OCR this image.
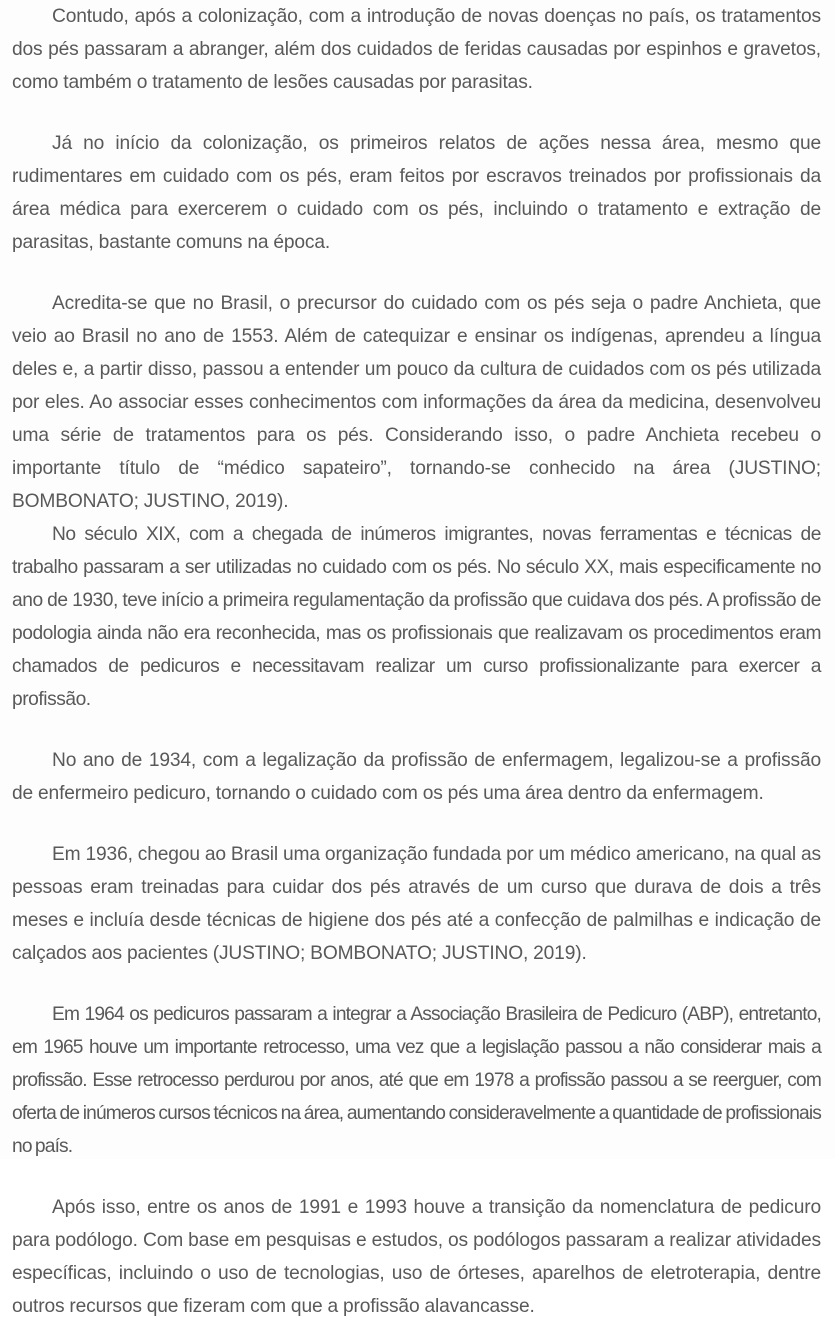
Contudo, após a colonização, com a introdução de novas doenças no país, os tratamentos dos pés passaram a abranger, além dos cuidados de feridas causadas por espinhos e gravetos, como também o tratamento de lesões causadas por parasitas.

Já no início da colonização, os primeiros relatos de ações nessa área, mesmo que rudimentares em cuidado com os pés, eram feitos por escravos treinados por profissionais da área médica para exercerem o cuidado com os pés, incluindo o tratamento e extração de parasitas, bastante comuns na época.

Acredita-se que no Brasil, o precursor do cuidado com os pés seja o padre Anchieta, que veio ao Brasil no ano de 1553. Além de catequizar e ensinar os indígenas, aprendeu a língua deles e, a partir disso, passou a entender um pouco da cultura de cuidados com os pés utilizada por eles. Ao associar esses conhecimentos com informações da área da medicina, desenvolveu uma série de tratamentos para os pés. Considerando isso, o padre Anchieta recebeu o importante título de “médico sapateiro”, tornando-se conhecido na área (JUSTINO; BOMBONATO; JUSTINO, 2019).

No século XIX, com a chegada de inúmeros imigrantes, novas ferramentas e técnicas de trabalho passaram a ser utilizadas no cuidado com os pés. No século XX, mais especificamente no ano de 1930, teve início a primeira regulamentação da profissão que cuidava dos pés. A profissão de podologia ainda não era reconhecida, mas os profissionais que realizavam os procedimentos eram chamados de pedicuros e necessitavam realizar um curso profissionalizante para exercer a profissão.

No ano de 1934, com a legalização da profissão de enfermagem, legalizou-se a profissão de enfermeiro pedicuro, tornando o cuidado com os pés uma área dentro da enfermagem.

Em 1936, chegou ao Brasil uma organização fundada por um médico americano, na qual as pessoas eram treinadas para cuidar dos pés através de um curso que durava de dois a três meses e incluía desde técnicas de higiene dos pés até a confecção de palmilhas e indicação de calçados aos pacientes (JUSTINO; BOMBONATO; JUSTINO, 2019).

Em 1964 os pedicuros passaram a integrar a Associação Brasileira de Pedicuro (ABP), entretanto, em 1965 houve um importante retrocesso, uma vez que a legislação passou a não considerar mais a profissão. Esse retrocesso perdurou por anos, até que em 1978 a profissão passou a se reerguer, com oferta de inúmeros cursos técnicos na área, aumentando consideravelmente a quantidade de profissionais no país.

Após isso, entre os anos de 1991 e 1993 houve a transição da nomenclatura de pedicuro para podólogo. Com base em pesquisas e estudos, os podólogos passaram a realizar atividades específicas, incluindo o uso de tecnologias, uso de órteses, aparelhos de eletroterapia, dentre outros recursos que fizeram com que a profissão alavancasse.
